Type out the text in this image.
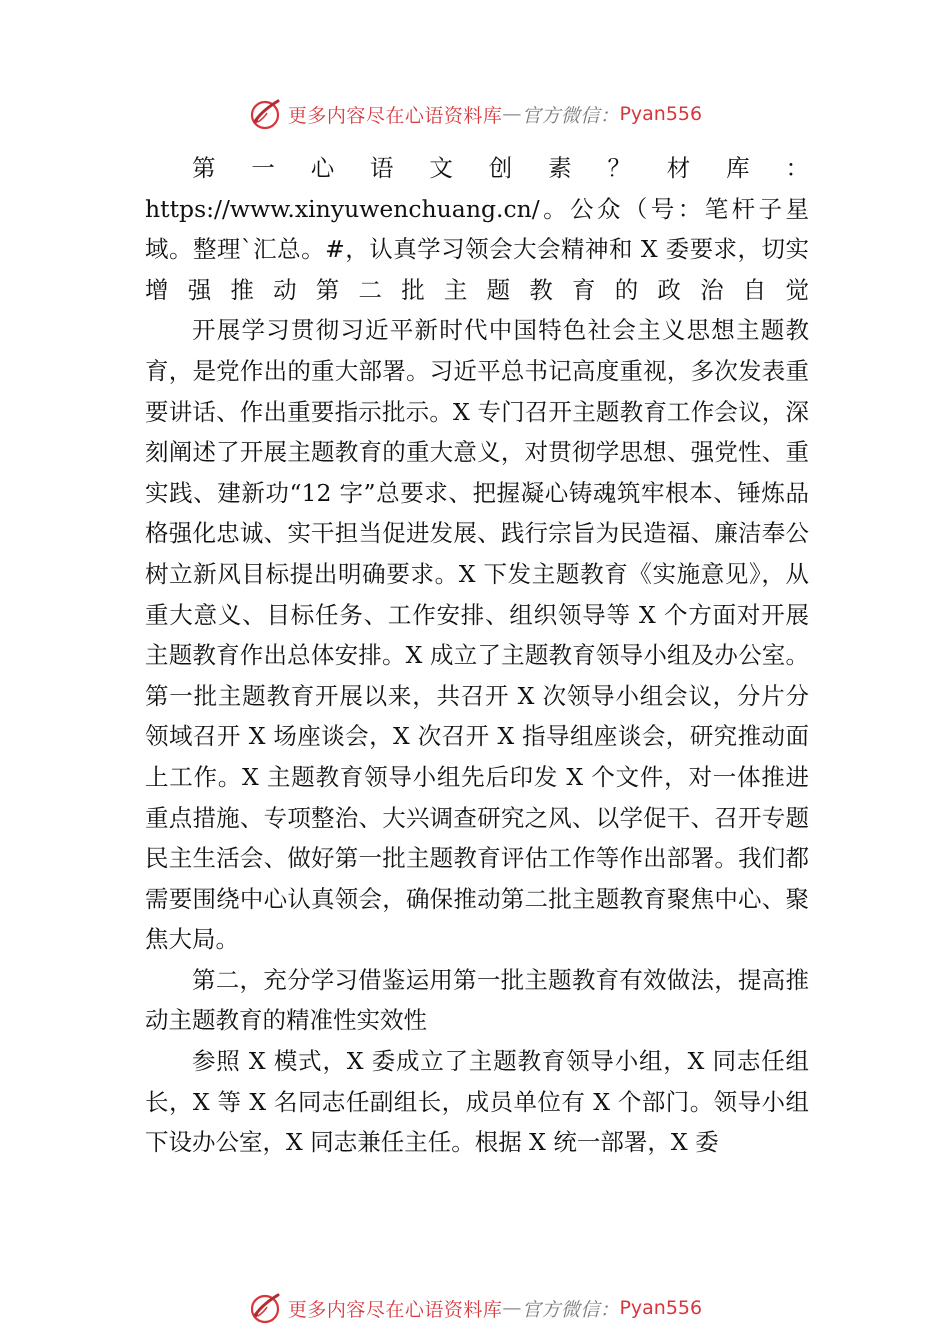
更多内容尽在心语资料库 — 官方微信： Pyan556

第一心语文创素？材库：https://www.xinyuwenchuang.cn/。公众（号：笔杆子星域。整理`汇总。#，认真学习领会大会精神和 X 委要求，切实增强推动第二批主题教育的政治自觉

开展学习贯彻习近平新时代中国特色社会主义思想主题教育，是党作出的重大部署。习近平总书记高度重视，多次发表重要讲话、作出重要指示批示。X 专门召开主题教育工作会议，深刻阐述了开展主题教育的重大意义，对贯彻学思想、强党性、重实践、建新功“12 字”总要求、把握凝心铸魂筑牢根本、锤炼品格强化忠诚、实干担当促进发展、践行宗旨为民造福、廉洁奉公树立新风目标提出明确要求。X 下发主题教育《实施意见》，从重大意义、目标任务、工作安排、组织领导等 X 个方面对开展主题教育作出总体安排。X 成立了主题教育领导小组及办公室。第一批主题教育开展以来，共召开 X 次领导小组会议，分片分领域召开 X 场座谈会，X 次召开 X 指导组座谈会，研究推动面上工作。X 主题教育领导小组先后印发 X 个文件，对一体推进重点措施、专项整治、大兴调查研究之风、以学促干、召开专题民主生活会、做好第一批主题教育评估工作等作出部署。我们都需要围绕中心认真领会，确保推动第二批主题教育聚焦中心、聚焦大局。

第二，充分学习借鉴运用第一批主题教育有效做法，提高推动主题教育的精准性实效性

参照 X 模式，X 委成立了主题教育领导小组，X 同志任组长，X 等 X 名同志任副组长，成员单位有 X 个部门。领导小组下设办公室，X 同志兼任主任。根据 X 统一部署，X 委

更多内容尽在心语资料库 — 官方微信： Pyan556
